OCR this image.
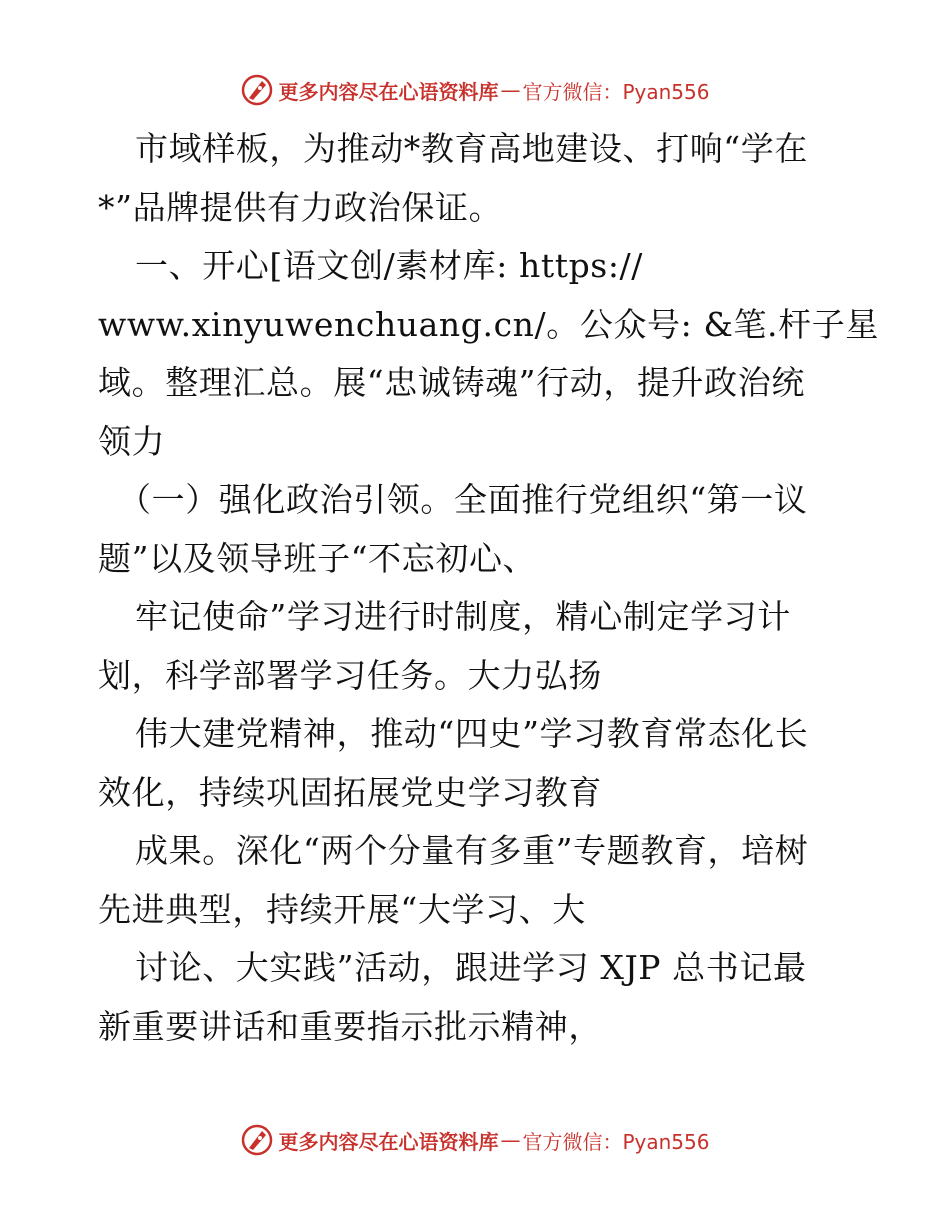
更多内容尽在心语资料库 — 官方微信：Pyan556
市域样板，为推动*教育高地建设、打响“学在
*”品牌提供有力政治保证。
一、开心[语文创/素材库: https://
www.xinyuwenchuang.cn/。公众号: &笔.杆子星
域。整理汇总。展“忠诚铸魂”行动，提升政治统
领力
（一）强化政治引领。全面推行党组织“第一议
题”以及领导班子“不忘初心、
牢记使命”学习进行时制度，精心制定学习计
划，科学部署学习任务。大力弘扬
伟大建党精神，推动“四史”学习教育常态化长
效化，持续巩固拓展党史学习教育
成果。深化“两个分量有多重”专题教育，培树
先进典型，持续开展“大学习、大
讨论、大实践”活动，跟进学习 XJP 总书记最
新重要讲话和重要指示批示精神，
更多内容尽在心语资料库 — 官方微信：Pyan556
